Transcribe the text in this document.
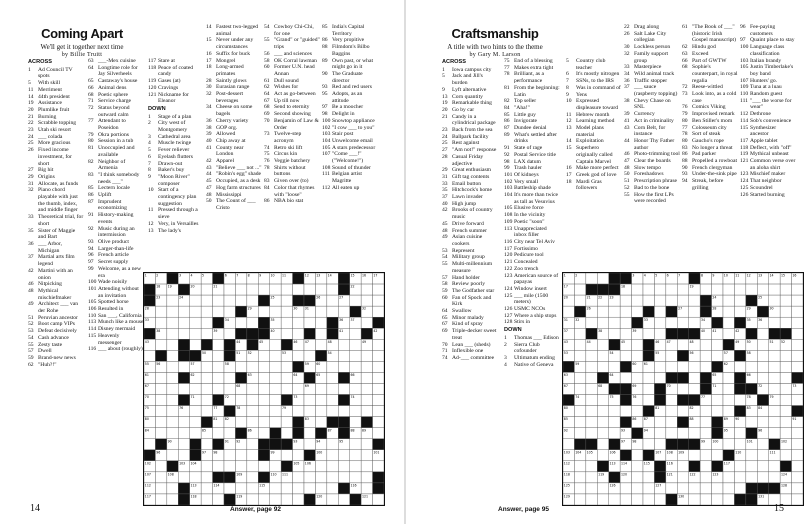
Coming Apart
We'll get it together next time
by Billie Truitt
ACROSS
1	Ad Council TV spots
5	With skill
11 Merriment
14 44th president
19 Assistance
20 Plumlike fruit
21 Burning
22 Scrabble topping
23 Utah ski resort
24 ___ colada
25 More gracious
26 Fixed income investment, for short
27 Big hit
29 Origins
31 Allocate, as funds
32 Piano chord playable with just the thumb, index, and middle finger
33 Theoretical trial, for short
35 Sister of Maggie and Bart
36 ___ Arbor, Michigan
37 Martial arts film legend
42 Martini with an onion
46 Nitpicking
48 Mythical mischiefmaker
49 Architect ___ van der Rohe
51 Peruvian ancestor
52 Boot camp VIPs
53 Defeat decisively
54 Cash advance
55 Zesty taste
57 Dwell
59 Brand-new news
62 "Huh?!"
63 ___-Mex cuisine
64 Longtime role for Jay Silverheels
65 Castaway's house
66 Animal dens
68 Poetic sphere
71 Service charge
72 Status beyond outward calm
77 Attendant to Poseidon
79 Okra portions
80 Session in a tub
81 Unoccupied and available
82 Neighbor of Armenia
83 "I think somebody needs ___"
85 Lectern locale
86 Uplift
87 Imprudent economizing
91 History-making events
92 Music during an intermission
93 Olive product
94 Larger-than-life
96 French article
97 Secret supply
99 Welcome, as a new era
100 Wade noisily
101 Attending without an invitation
105 Spotted horse
106 Resulted in
110 San ___, California
113 Munch like a mouse
114 Disney mermaid
115 Heavenly messenger
116 ___ about (roughly)
117 Stare at
118 Peace of coated candy
119 Gases (at)
120 Cravings
121 Nickname for Eleanor
DOWN
1	Stage of a plan
2	City west of Montgomery
3	Cathedral area
4	Muscle twinge
5	Fever reliever
6	Eyelash flutters
7	Drawn-out
8	Baker's buy
9	"Moon River" composer
10 Start of a contingency plan suggestion
11 Pressed through a sieve
12 Very, in Versailles
13 The lady's
14 Fastest two-legged animal
15 Never under any circumstances
16 Suffix for buck
17 Mongrel
18 Long-armed primates
28 Saintly glows
30 Eurasian range
32 Post-dessert beverages
34 Cheese on some bagels
36 Cherry variety
38 GOP org.
39 Allowed
40 Chip away at
41 County near London
42 Apparel
43 "Believe ___ not ..."
44 "Robin's egg" shade
45 Occupied, as a desk
47 Hog farm structures
48 Mississippi
50 The Count of ___ Cristo
54 Cowboy Chi-Chi, for one
55 "Grand" or "guided" trips
56 ___ and sciences
58 OK Corral lawman
60 Former U.N. head Annan
61 Dull sound
62 Wishes for
64 Act as go-between
67 Up till now
68 Send to eternity
69 Second showing
70 Benjamin of Law & Order
73 Twelve-step acronym
74 Retro ski lift
75 Circus kin
76 Veggie batchery
78 Shirts without buttons
83 Given over (to)
84 Color that rhymes with "loose"
86 NBA bio stat
85 India's Capital Territory
86 Very propitive
88 Filmdom's Bilbo Baggins
89 Own past, or what might go in it
90 The Graduate director
93 Red and red users
95 Adopts, as an attitude
97 Be a moocher
98 Delight in
100 Snowtop appliance
102 "I cow ___ to you"
103 Stair post
104 Unwelcome email
105 A stars predecessor
107 "Come ___!" ("Welcome!")
108 Sound of thunder
111 Belgian artist Magritte
112 All eaten up
1	2	3	4	5	6	7	8	9	10 11	12 13 14	15 16 17
18 19	20	21	22
23	24	25	26	27
28	29	30 31	32
33	34	35	36 37
38	39	40	41	42
43	44	45	46 47	48	49
50	51 52	53	54
55 56	57	58	59 60
61	62	63	64	65	66
67	68	69
70	71	72	73	74
75	76	77	78	79
80	81 82	83
84	85	86	87	88 89
90	91 92	93	94	95
96	97 98	99	100	101
102	103 104	105 106
107	108	109	110 111
112	113	114	115	116
117	118	119	120	121
14	Answer, page 92
Craftsmanship
A title with two hints to the theme
by Gary M. Larson
ACROSS
1	Iowa campus city
5	Jack and Jill's burden
9	Lyft alternative
13 Corn quantity
19 Remarkable thing
20 Go by car
21 Candy in a cylindrical package
23 Back from the sea
24 Ballpark facility
25 Rest against
27 "Am not!" response
28 Casual Friday adjective
29 Great enthusiasm
31 Gift tag contents
33 Email button
35 Hitchcock's home
37 Lawn invader
40 High jump
42 Brooks of country music
45 Drive forward
48 French summer
49 Asian cuisine cookers
53 Represent
54 Military group
55 Multi-millennium measure
57 Hand holder
58 Review poorly
59 The Godfather star
60 Fan of Spock and Kirk
64 Swallow
65 Minor malady
67 Kind of spray
69 Triple-decker sweet treat
70 Lean ___ (sheds)
71 Inflexible one
74 Ad-___ committee
75 End of a blessing
77 Makes extra tight
78 Brilliant, as a performance
81 From the beginning: Latin
82 Top seller
84 "Aha!"
85 Little guy
86 Invigorate
87 Dundee denial
89 What's settled after drinks
91 State of rage
92 Postal Service title
98 LAX datum
99 Trash hauler
101 Of kidneys
102 Very small
103 Battleship shade
104 It's more than twice as tall as Vesuvius
105 Elusive force
108 In the vicinity
109 Poetic "soon"
113 Unappreciated inbox filler
116 City near Tel Aviv
117 Fortissimo
120 Pedicure tool
121 Concealed
122 Zoo trench
123 American source of papayas
124 Window insert
125 ___ mile (1500 meters)
126 USMC NCOs
127 Where a ship stops
128 Stirs in
DOWN
1	Thomas ___ Edison
2	Sierra Club cofounder
3	Ultimatum ending
4	Native of Geneva
5	Country club teacher
6	It's mostly nitrogen
7	SSNs, to the IRS
8	Was in command of
9	Yens
10 Expressed displeasure toward
11 Hebrew month
12 Learning method
13 Model plans material
14 Exploitation
15 Superhero originally called Captain Marvel
16 Make more perfect
17 Greek god of love
18 Mardi Gras followers
22 Drag along
26 Salt Lake City collegian
30 Lockless person
32 Family support group
33 Masterpiece
34 Wild animal track
36 Traffic stopper
37 ___ sauce (raspberry topping)
38 Chevy Chase on SNL
39 Currency
41 Act in criminality
43 Corn Belt, for instance
44 Honor Thy Father author
46 Photo-trimming tool
47 Clear the boards
48 Slow tempo
50 Foreshadows
51 Prescription phrase
52 Bad to the bone
55 How the first LPs were recorded
61 "The Book of ___" (historic Irish Gospel manuscript)
62 Hindu god
63 Exceed
66 Part of GWTW
68 Sophie's counterpart, in royal regalia
72 Reese-wittled
73 Look into, as a cold case
76 Comics Viking
79 Improvised remark
80 Ben Stiller's mom
77 Colosseum city
78 Sort of steak
80 Gaucho's rope
83 No longer a threat
86 Pad parker
88 Propelled a rowboat
90 French clergyman
93 Under-the-sink pipe
94 Streak, before grilling
96 Fee-paying customers
97 Quaint place to stay
100 Language class classification
103 Italian brandy
105 Justin Timberlake's boy band
107 Hunters' go.
109 Tuna at a luau
110 Random guest
111 "___ the worse for wear"
112 Dethrone
114 Sob's convenience
115 Synthesizer ancestor
117 Apple tablet
118 Deflect, with "off"
119 Mythical unbeast
121 Common verse over an aloha shirt
123 Mischief maker
124 That neighbor
125 Scoundrel
126 Started burning
1	2	3	4	5	6	7	8	9	10 11 12 13 14 15 16
17	18	19
20	21 22 23	24	25
26	27	28	29	30
31 32	33	34	35 36
37	38	39	40 41	42
43	44	45	46 47	48	49 50	51 52
53	54	55	56	57	58
59	60 61	62
63	64	65	66
67	68	69	70	71	72	73
74	75	76	77	78	79
80	81	82	83 84
85	86 87	88	89 90	91
92	93	94	95	96
97 98	99 100	101	102
103 104 105	106	107 108 109	110	111
112	113 114	115	116	117
118	119	120	121	122	123	124
125	126	127	128
129	130	131
15
Answer, page 95
